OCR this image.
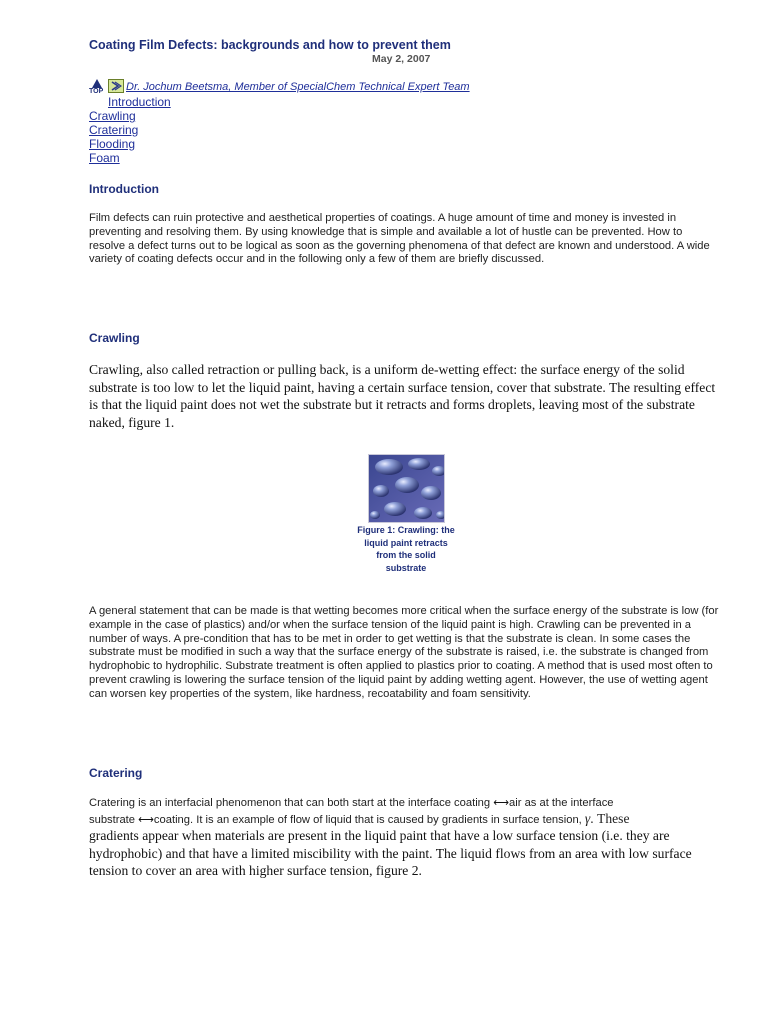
Coating Film Defects: backgrounds and how to prevent them
May 2, 2007
TOP Dr. Jochum Beetsma, Member of SpecialChem Technical Expert Team
Introduction
Crawling
Cratering
Flooding
Foam
Introduction

Film defects can ruin protective and aesthetical properties of coatings. A huge amount of time and money is invested in preventing and resolving them. By using knowledge that is simple and available a lot of hustle can be prevented. How to resolve a defect turns out to be logical as soon as the governing phenomena of that defect are known and understood. A wide variety of coating defects occur and in the following only a few of them are briefly discussed.

Crawling

Crawling, also called retraction or pulling back, is a uniform de-wetting effect: the surface energy of the solid substrate is too low to let the liquid paint, having a certain surface tension, cover that substrate. The resulting effect is that the liquid paint does not wet the substrate but it retracts and forms droplets, leaving most of the substrate naked, figure 1.

Figure 1: Crawling: the liquid paint retracts from the solid substrate

A general statement that can be made is that wetting becomes more critical when the surface energy of the substrate is low (for example in the case of plastics) and/or when the surface tension of the liquid paint is high. Crawling can be prevented in a number of ways. A pre-condition that has to be met in order to get wetting is that the substrate is clean. In some cases the substrate must be modified in such a way that the surface energy of the substrate is raised, i.e. the substrate is changed from hydrophobic to hydrophilic. Substrate treatment is often applied to plastics prior to coating. A method that is used most often to prevent crawling is lowering the surface tension of the liquid paint by adding wetting agent. However, the use of wetting agent can worsen key properties of the system, like hardness, recoatability and foam sensitivity.

Cratering

Cratering is an interfacial phenomenon that can both start at the interface coating ⟷air as at the interface

substrate ⟷coating. It is an example of flow of liquid that is caused by gradients in surface tension, γ. These

gradients appear when materials are present in the liquid paint that have a low surface tension (i.e. they are hydrophobic) and that have a limited miscibility with the paint. The liquid flows from an area with low surface tension to cover an area with higher surface tension, figure 2.
